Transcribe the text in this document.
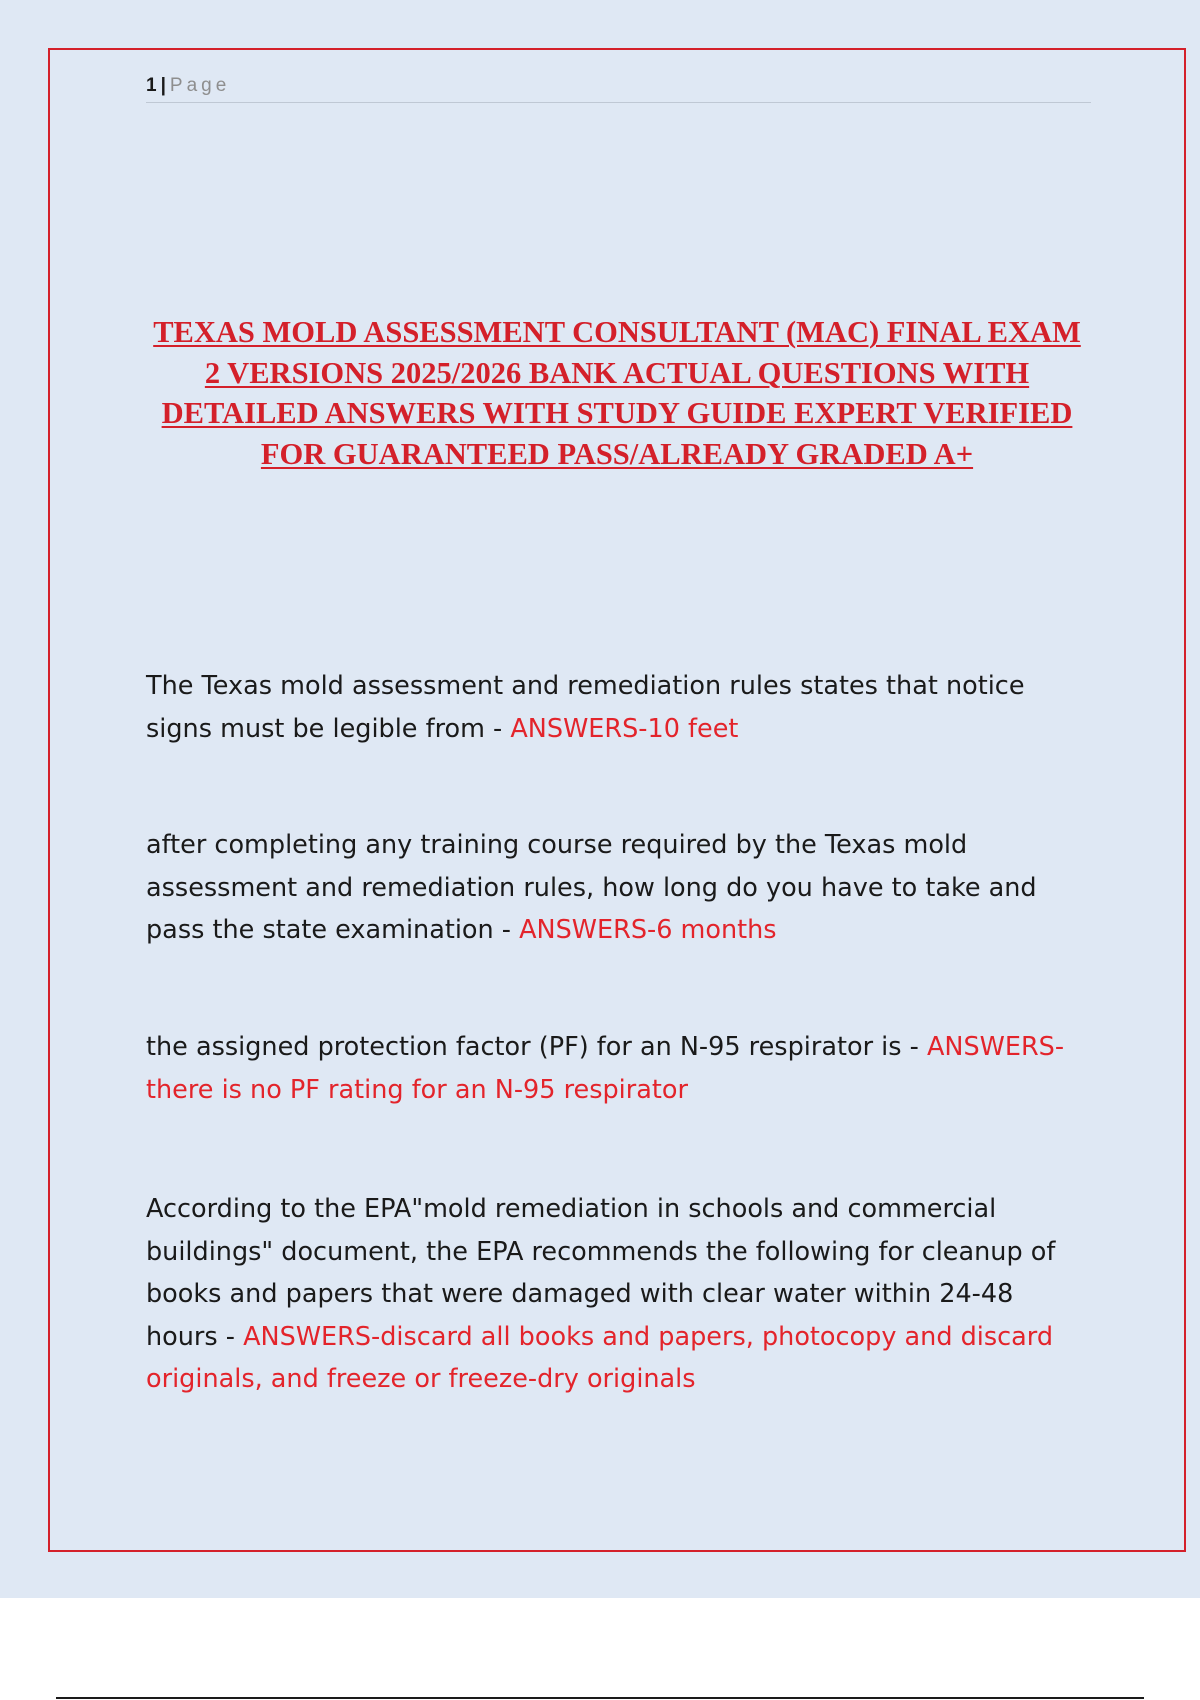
1 | Page
TEXAS MOLD ASSESSMENT CONSULTANT (MAC) FINAL EXAM 2 VERSIONS 2025/2026 BANK ACTUAL QUESTIONS WITH DETAILED ANSWERS WITH STUDY GUIDE EXPERT VERIFIED FOR GUARANTEED PASS/ALREADY GRADED A+

The Texas mold assessment and remediation rules states that notice signs must be legible from - ANSWERS-10 feet

after completing any training course required by the Texas mold assessment and remediation rules, how long do you have to take and pass the state examination - ANSWERS-6 months

the assigned protection factor (PF) for an N-95 respirator is - ANSWERS-there is no PF rating for an N-95 respirator

According to the EPA"mold remediation in schools and commercial buildings" document, the EPA recommends the following for cleanup of books and papers that were damaged with clear water within 24-48 hours - ANSWERS-discard all books and papers, photocopy and discard originals, and freeze or freeze-dry originals
